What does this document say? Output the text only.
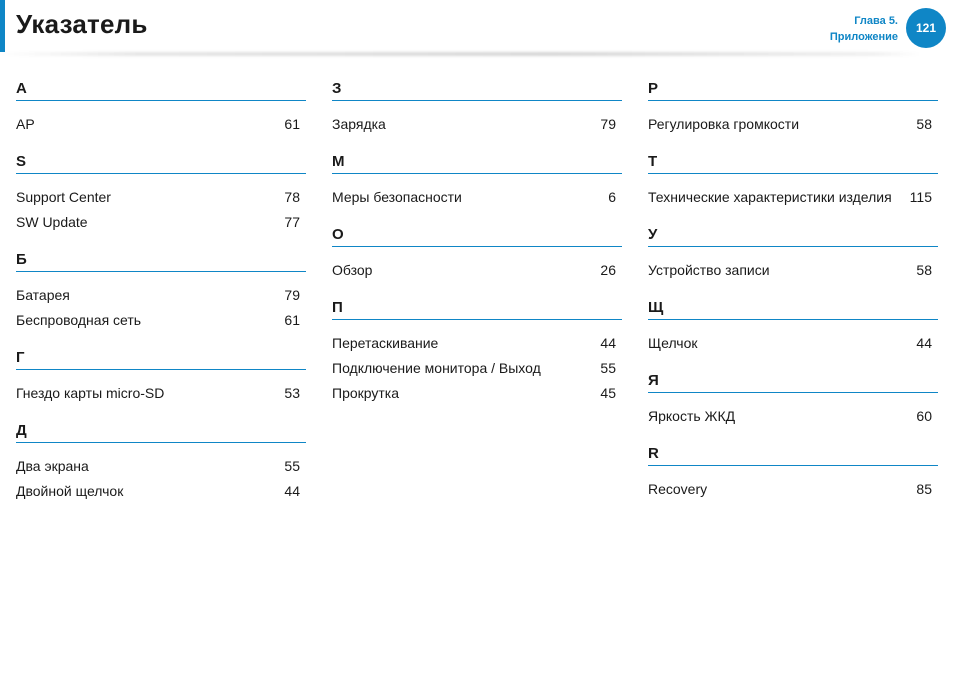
Указатель	Глава 5.
Приложение
121
A
AP	61
S
Support Center	78
SW Update	77
Б
Батарея	79
Беспроводная сеть	61
Г
Гнездо карты micro-SD	53
Д
Два экрана	55
Двойной щелчок	44
З
Зарядка	79
М
Меры безопасности	6
О
Обзор	26
П
Перетаскивание	44
Подключение монитора / Выход	55
Прокрутка	45
Р
Регулировка громкости	58
Т
Технические характеристики изделия 115
У
Устройство записи	58
Щ
Щелчок	44
Я
Яркость ЖКД	60
R
Recovery	85
